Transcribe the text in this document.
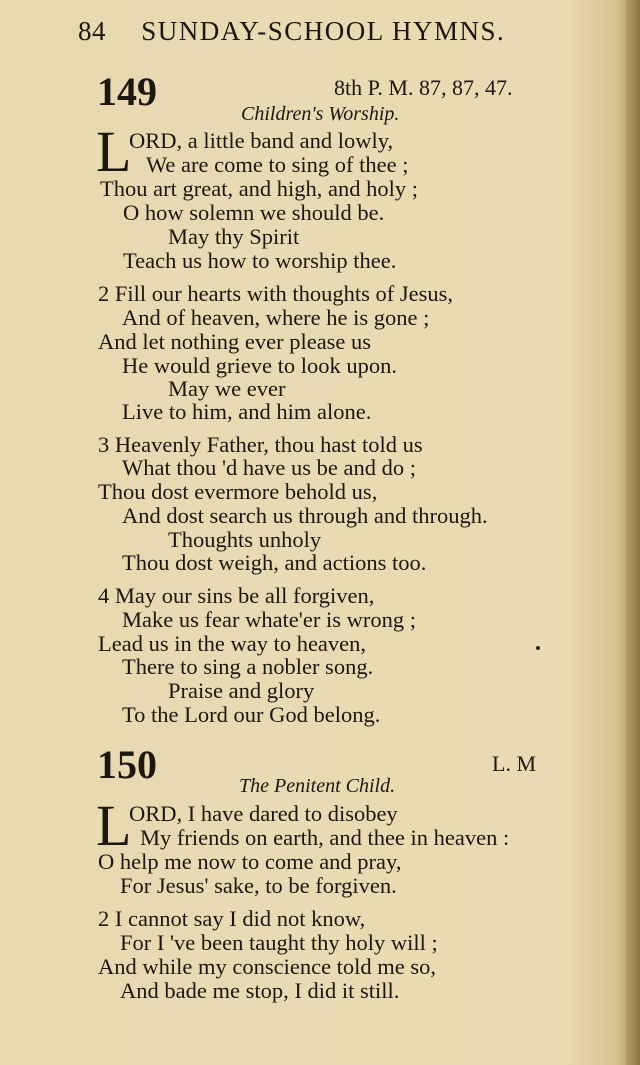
84 SUNDAY-SCHOOL HYMNS.
149	8th P. M. 87, 87, 47.
Children's Worship.
L
ORD, a little band and lowly,
We are come to sing of thee ;
Thou art great, and high, and holy ;
O how solemn we should be.
May thy Spirit
Teach us how to worship thee.
2 Fill our hearts with thoughts of Jesus,
And of heaven, where he is gone ;
And let nothing ever please us
He would grieve to look upon.
May we ever
Live to him, and him alone.
3 Heavenly Father, thou hast told us
What thou 'd have us be and do ;
Thou dost evermore behold us,
And dost search us through and through.
Thoughts unholy
Thou dost weigh, and actions too.
4 May our sins be all forgiven,
Make us fear whate'er is wrong ;
Lead us in the way to heaven,
There to sing a nobler song.
Praise and glory
To the Lord our God belong.
150	L. M
The Penitent Child.
L
ORD, I have dared to disobey
My friends on earth, and thee in heaven :
O help me now to come and pray,
For Jesus' sake, to be forgiven.
2 I cannot say I did not know,
For I 've been taught thy holy will ;
And while my conscience told me so,
And bade me stop, I did it still.
